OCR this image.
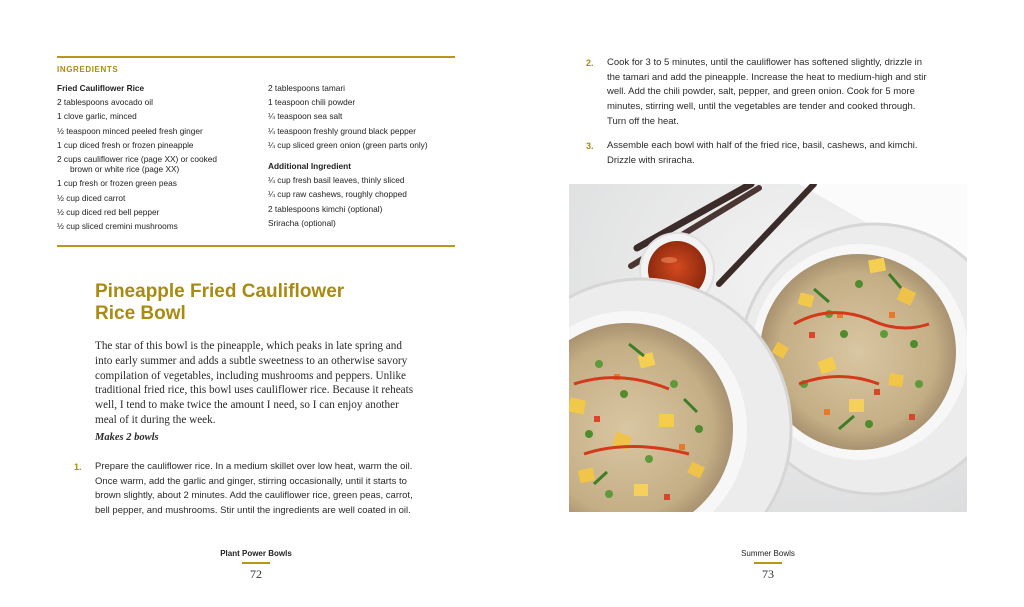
INGREDIENTS
Fried Cauliflower Rice
2 tablespoons avocado oil
1 clove garlic, minced
½ teaspoon minced peeled fresh ginger
1 cup diced fresh or frozen pineapple
2 cups cauliflower rice (page XX) or cooked
brown or white rice (page XX)
1 cup fresh or frozen green peas
½ cup diced carrot
½ cup diced red bell pepper
½ cup sliced cremini mushrooms
2 tablespoons tamari
1 teaspoon chili powder
¼ teaspoon sea salt
¼ teaspoon freshly ground black pepper
¼ cup sliced green onion (green parts only)
Additional Ingredient
¼ cup fresh basil leaves, thinly sliced
¼ cup raw cashews, roughly chopped
2 tablespoons kimchi (optional)
Sriracha (optional)
Pineapple Fried Cauliflower
Rice Bowl
The star of this bowl is the pineapple, which peaks in late spring and into early summer and adds a subtle sweetness to an otherwise savory compilation of vegetables, including mushrooms and peppers. Unlike traditional fried rice, this bowl uses cauliflower rice. Because it reheats well, I tend to make twice the amount I need, so I can enjoy another meal of it during the week.
Makes 2 bowls
1. Prepare the cauliflower rice. In a medium skillet over low heat, warm the oil. Once warm, add the garlic and ginger, stirring occasionally, until it starts to brown slightly, about 2 minutes. Add the cauliflower rice, green peas, carrot, bell pepper, and mushrooms. Stir until the ingredients are well coated in oil.
2. Cook for 3 to 5 minutes, until the cauliflower has softened slightly, drizzle in the tamari and add the pineapple. Increase the heat to medium-high and stir well. Add the chili powder, salt, pepper, and green onion. Cook for 5 more minutes, stirring well, until the vegetables are tender and cooked through. Turn off the heat.
3. Assemble each bowl with half of the fried rice, basil, cashews, and kimchi. Drizzle with sriracha.
Plant Power Bowls
72
Summer Bowls
73
